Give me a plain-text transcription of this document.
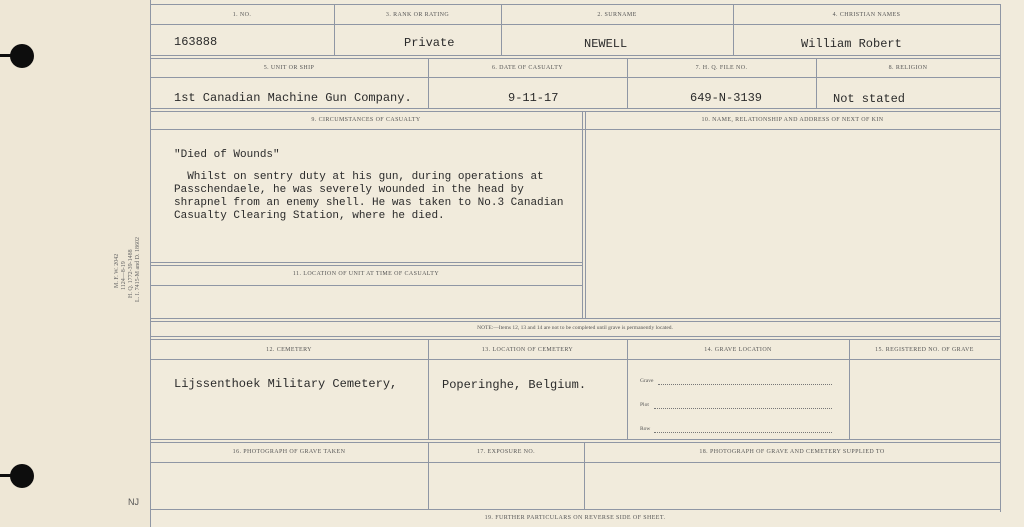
M. F. W. 2042 1124—8-19 H. Q. 1772-39-1488 L. I. 7415-M and D. 18602
NJ
1. NO.	3. RANK OR RATING	2. SURNAME	4. CHRISTIAN NAMES
163888	Private	NEWELL	William Robert
5. UNIT OR SHIP	6. DATE OF CASUALTY	7. H. Q. FILE NO.	8. RELIGION
1st Canadian Machine Gun Company.	9-11-17	649-N-3139	Not stated
9. CIRCUMSTANCES OF CASUALTY	10. NAME, RELATIONSHIP AND ADDRESS OF NEXT OF KIN
"Died of Wounds"
Whilst on sentry duty at his gun, during operations at
Passchendaele, he was severely wounded in the head by
shrapnel from an enemy shell. He was taken to No.3 Canadian
Casualty Clearing Station, where he died.
11. LOCATION OF UNIT AT TIME OF CASUALTY
NOTE:—Items 12, 13 and 14 are not to be completed until grave is permanently located.
12. CEMETERY	13. LOCATION OF CEMETERY	14. GRAVE LOCATION	15. REGISTERED NO. OF GRAVE
Lijssenthoek Military Cemetery,	Poperinghe, Belgium.	Grave
Plot
Row
16. PHOTOGRAPH OF GRAVE TAKEN	17. EXPOSURE NO.	18. PHOTOGRAPH OF GRAVE AND CEMETERY SUPPLIED TO
19. FURTHER PARTICULARS ON REVERSE SIDE OF SHEET.
